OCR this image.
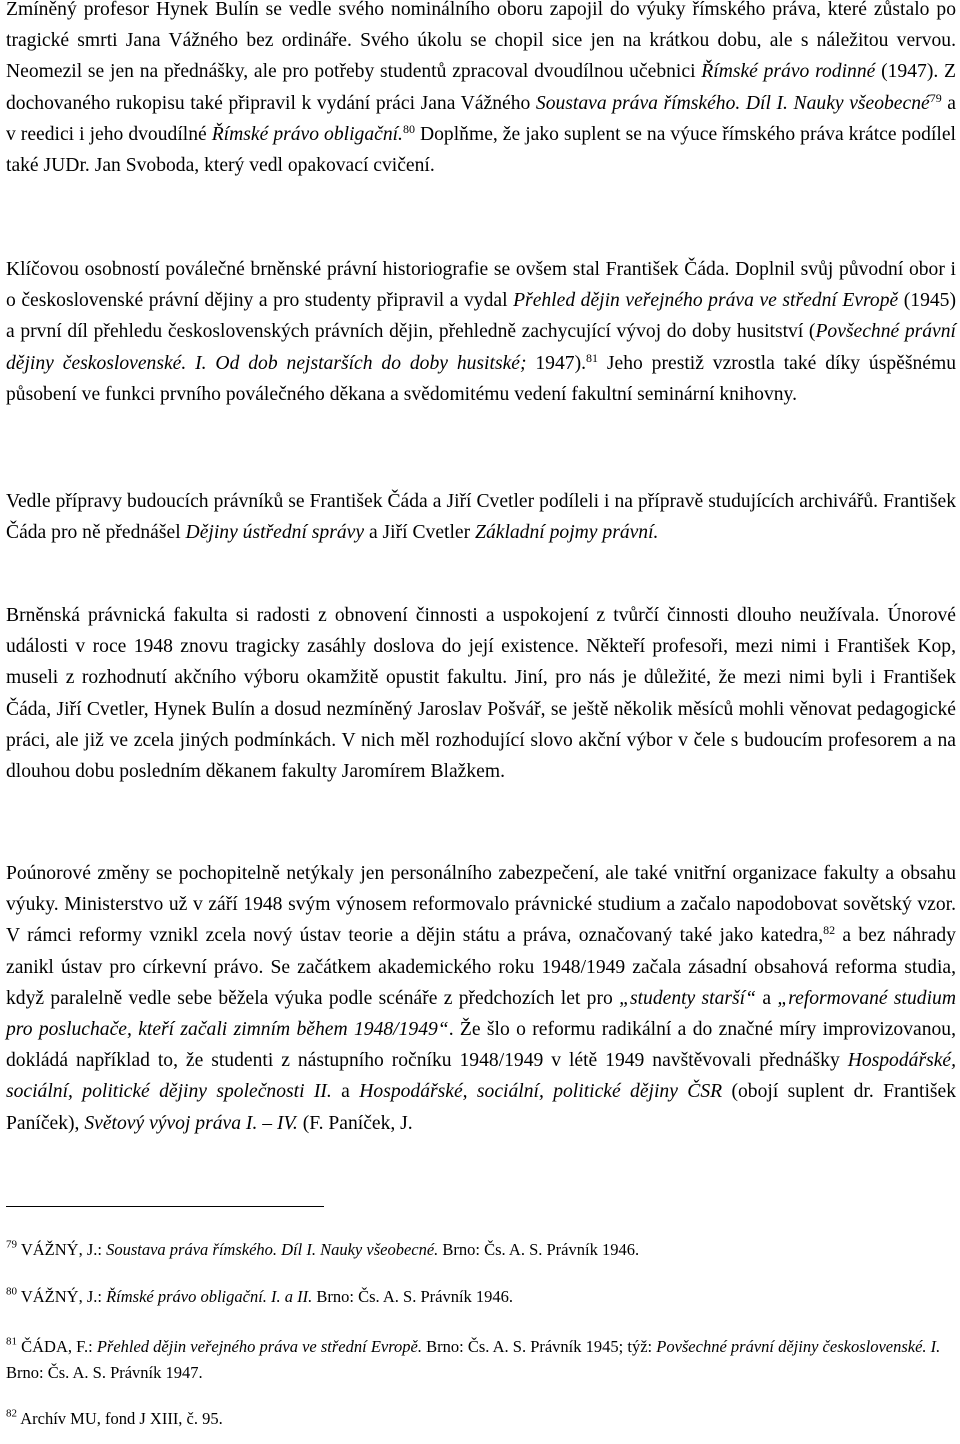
Zmíněný profesor Hynek Bulín se vedle svého nominálního oboru zapojil do výuky římského práva, které zůstalo po tragické smrti Jana Vážného bez ordináře. Svého úkolu se chopil sice jen na krátkou dobu, ale s náležitou vervou. Neomezil se jen na přednášky, ale pro potřeby studentů zpracoval dvoudílnou učebnici Římské právo rodinné (1947). Z dochovaného rukopisu také připravil k vydání práci Jana Vážného Soustava práva římského. Díl I. Nauky všeobecné$^{79}$ a v reedici i jeho dvoudílné Římské právo obligační.$^{80}$ Doplňme, že jako suplent se na výuce římského práva krátce podílel také JUDr. Jan Svoboda, který vedl opakovací cvičení.

Klíčovou osobností poválečné brněnské právní historiografie se ovšem stal František Čáda. Doplnil svůj původní obor i o československé právní dějiny a pro studenty připravil a vydal Přehled dějin veřejného práva ve střední Evropě (1945) a první díl přehledu československých právních dějin, přehledně zachycující vývoj do doby husitství (Povšechné právní dějiny československé. I. Od dob nejstarších do doby husitské; 1947).$^{81}$ Jeho prestiž vzrostla také díky úspěšnému působení ve funkci prvního poválečného děkana a svědomitému vedení fakultní seminární knihovny.

Vedle přípravy budoucích právníků se František Čáda a Jiří Cvetler podíleli i na přípravě studujících archivářů. František Čáda pro ně přednášel Dějiny ústřední správy a Jiří Cvetler Základní pojmy právní.

Brněnská právnická fakulta si radosti z obnovení činnosti a uspokojení z tvůrčí činnosti dlouho neužívala. Únorové události v roce 1948 znovu tragicky zasáhly doslova do její existence. Někteří profesoři, mezi nimi i František Kop, museli z rozhodnutí akčního výboru okamžitě opustit fakultu. Jiní, pro nás je důležité, že mezi nimi byli i František Čáda, Jiří Cvetler, Hynek Bulín a dosud nezmíněný Jaroslav Pošvář, se ještě několik měsíců mohli věnovat pedagogické práci, ale již ve zcela jiných podmínkách. V nich měl rozhodující slovo akční výbor v čele s budoucím profesorem a na dlouhou dobu posledním děkanem fakulty Jaromírem Blažkem.

Poúnorové změny se pochopitelně netýkaly jen personálního zabezpečení, ale také vnitřní organizace fakulty a obsahu výuky. Ministerstvo už v září 1948 svým výnosem reformovalo právnické studium a začalo napodobovat sovětský vzor. V rámci reformy vznikl zcela nový ústav teorie a dějin státu a práva, označovaný také jako katedra,$^{82}$ a bez náhrady zanikl ústav pro církevní právo. Se začátkem akademického roku 1948/1949 začala zásadní obsahová reforma studia, když paralelně vedle sebe běžela výuka podle scénáře z předchozích let pro „studenty starší“ a „reformované studium pro posluchače, kteří začali zimním během 1948/1949“. Že šlo o reformu radikální a do značné míry improvizovanou, dokládá například to, že studenti z nástupního ročníku 1948/1949 v létě 1949 navštěvovali přednášky Hospodářské, sociální, politické dějiny společnosti II. a Hospodářské, sociální, politické dějiny ČSR (obojí suplent dr. František Paníček), Světový vývoj práva I. – IV. (F. Paníček, J.

$^{79}$ VÁŽNÝ, J.: Soustava práva římského. Díl I. Nauky všeobecné. Brno: Čs. A. S. Právník 1946.

$^{80}$ VÁŽNÝ, J.: Římské právo obligační. I. a II. Brno: Čs. A. S. Právník 1946.

$^{81}$ ČÁDA, F.: Přehled dějin veřejného práva ve střední Evropě. Brno: Čs. A. S. Právník 1945; týž: Povšechné právní dějiny československé. I. Brno: Čs. A. S. Právník 1947.

$^{82}$ Archív MU, fond J XIII, č. 95.
